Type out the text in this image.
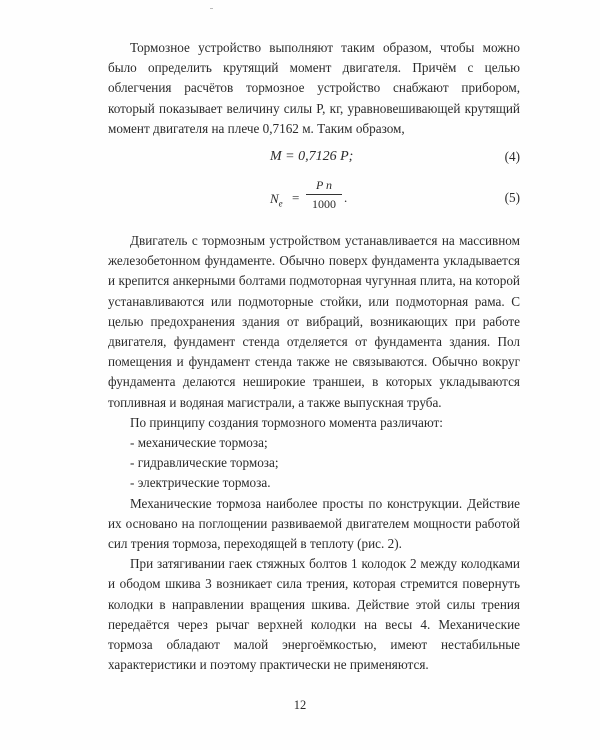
Тормозное устройство выполняют таким образом, чтобы можно было определить крутящий момент двигателя. Причём с целью облегчения расчётов тормозное устройство снабжают прибором, который показывает величину силы P, кг, уравновешивающей крутящий момент двигателя на плече 0,7162 м. Таким образом,

M = 0,7126 P;	(4)
$N_e$ =
P n
1000 .	(5)

Двигатель с тормозным устройством устанавливается на массивном железобетонном фундаменте. Обычно поверх фундамента укладывается и крепится анкерными болтами подмоторная чугунная плита, на которой устанавливаются или подмоторные стойки, или подмоторная рама. С целью предохранения здания от вибраций, возникающих при работе двигателя, фундамент стенда отделяется от фундамента здания. Пол помещения и фундамент стенда также не связываются. Обычно вокруг фундамента делаются неширокие траншеи, в которых укладываются топливная и водяная магистрали, а также выпускная труба.

По принципу создания тормозного момента различают:

- механические тормоза;

- гидравлические тормоза;

- электрические тормоза.

Механические тормоза наиболее просты по конструкции. Действие их основано на поглощении развиваемой двигателем мощности работой сил трения тормоза, переходящей в теплоту (рис. 2).

При затягивании гаек стяжных болтов 1 колодок 2 между колодками и ободом шкива 3 возникает сила трения, которая стремится повернуть колодки в направлении вращения шкива. Действие этой силы трения передаётся через рычаг верхней колодки на весы 4. Механические тормоза обладают малой энергоёмкостью, имеют нестабильные характеристики и поэтому практически не применяются.

12
